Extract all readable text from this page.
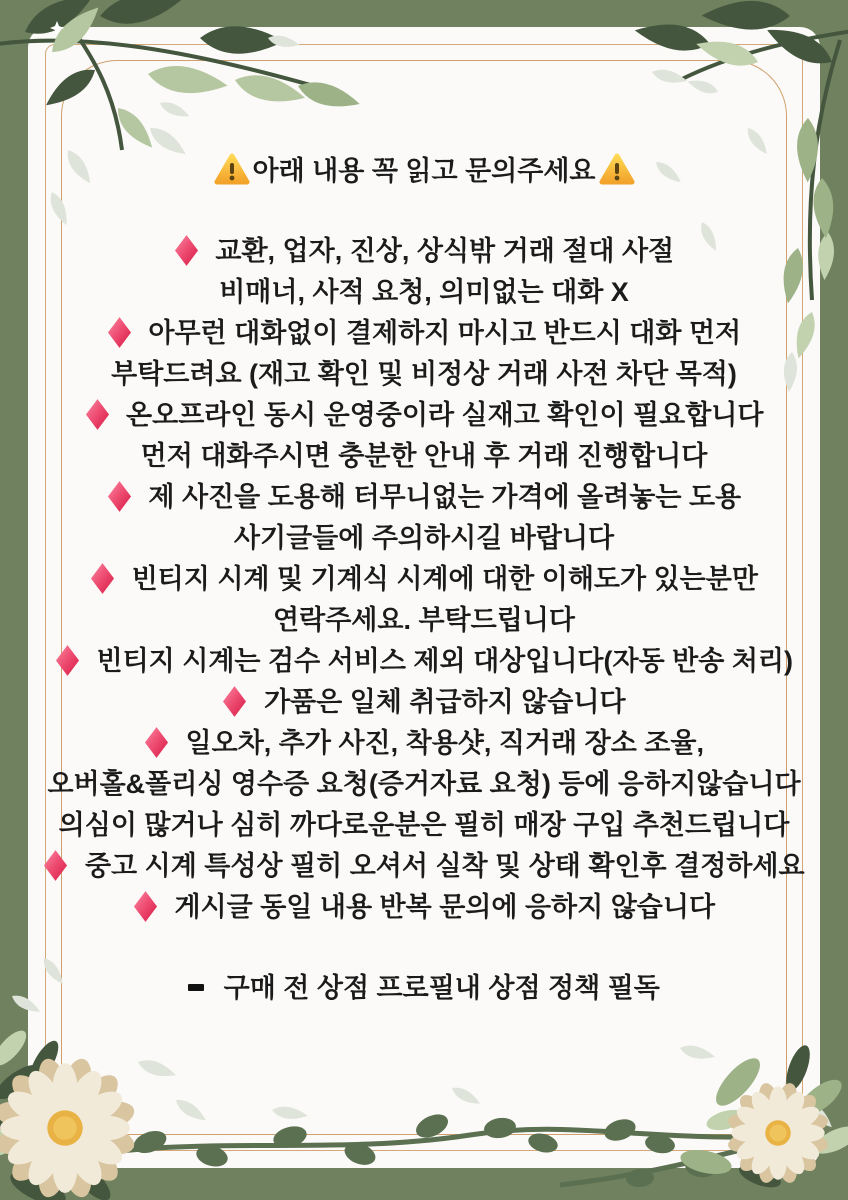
아래 내용 꼭 읽고 문의주세요
교환, 업자, 진상, 상식밖 거래 절대 사절
비매너, 사적 요청, 의미없는 대화 X
아무런 대화없이 결제하지 마시고 반드시 대화 먼저
부탁드려요 (재고 확인 및 비정상 거래 사전 차단 목적)
온오프라인 동시 운영중이라 실재고 확인이 필요합니다
먼저 대화주시면 충분한 안내 후 거래 진행합니다
제 사진을 도용해 터무니없는 가격에 올려놓는 도용
사기글들에 주의하시길 바랍니다
빈티지 시계 및 기계식 시계에 대한 이해도가 있는분만
연락주세요. 부탁드립니다
빈티지 시계는 검수 서비스 제외 대상입니다(자동 반송 처리)
가품은 일체 취급하지 않습니다
일오차, 추가 사진, 착용샷, 직거래 장소 조율,
오버홀&폴리싱 영수증 요청(증거자료 요청) 등에 응하지않습니다
의심이 많거나 심히 까다로운분은 필히 매장 구입 추천드립니다
중고 시계 특성상 필히 오셔서 실착 및 상태 확인후 결정하세요
게시글 동일 내용 반복 문의에 응하지 않습니다
구매 전 상점 프로필내 상점 정책 필독
